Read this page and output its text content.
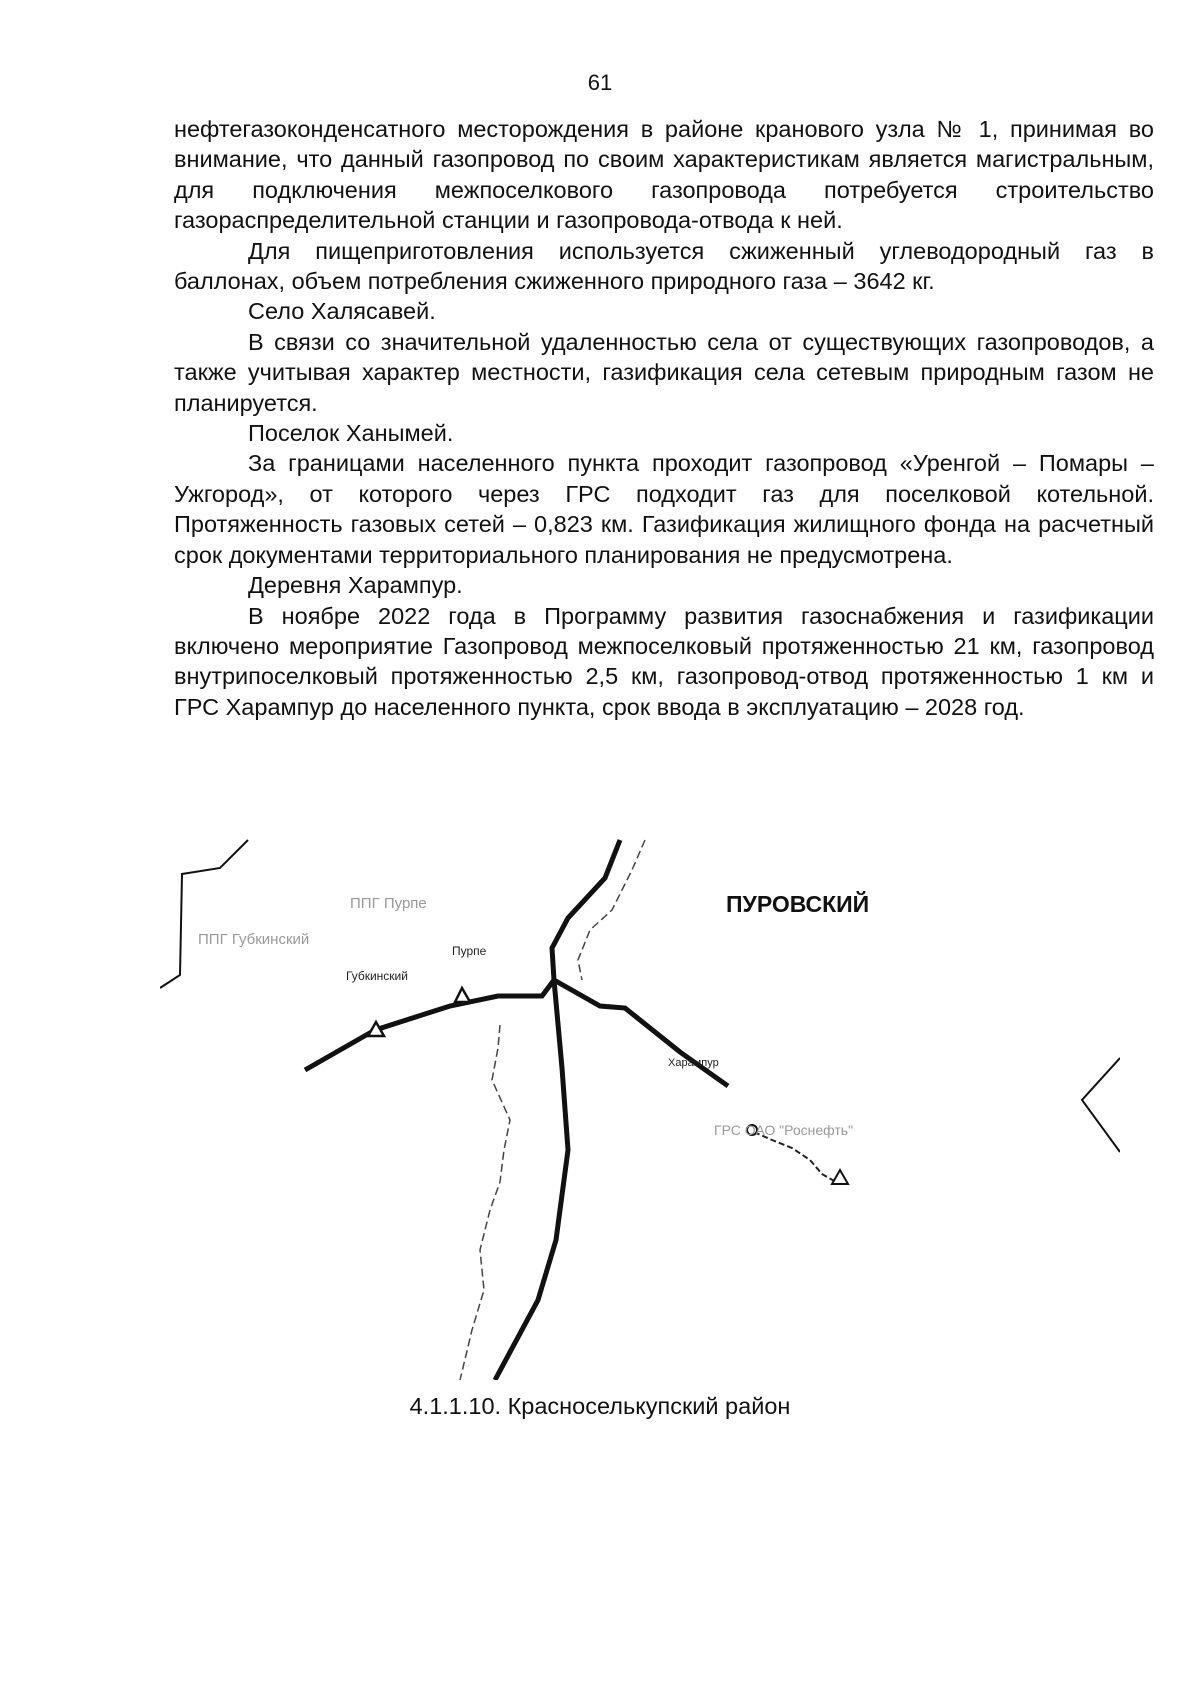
61

нефтегазоконденсатного месторождения в районе кранового узла № 1, принимая во внимание, что данный газопровод по своим характеристикам является магистральным, для подключения межпоселкового газопровода потребуется строительство газораспределительной станции и газопровода-отвода к ней.

Для пищеприготовления используется сжиженный углеводородный газ в баллонах, объем потребления сжиженного природного газа – 3642 кг.

Село Халясавей.

В связи со значительной удаленностью села от существующих газопроводов, а также учитывая характер местности, газификация села сетевым природным газом не планируется.

Поселок Ханымей.

За границами населенного пункта проходит газопровод «Уренгой – Помары – Ужгород», от которого через ГРС подходит газ для поселковой котельной. Протяженность газовых сетей – 0,823 км. Газификация жилищного фонда на расчетный срок документами территориального планирования не предусмотрена.

Деревня Харампур.

В ноябре 2022 года в Программу развития газоснабжения и газификации включено мероприятие Газопровод межпоселковый протяженностью 21 км, газопровод внутрипоселковый протяженностью 2,5 км, газопровод-отвод протяженностью 1 км и ГРС Харампур до населенного пункта, срок ввода в эксплуатацию – 2028 год.

ПУРОВСКИЙ
ППГ Пурпе
ППГ Губкинский
Пурпе
Губкинский
Харампур
ГРС ОАО "Роснефть"
4.1.1.10. Красноселькупский район
